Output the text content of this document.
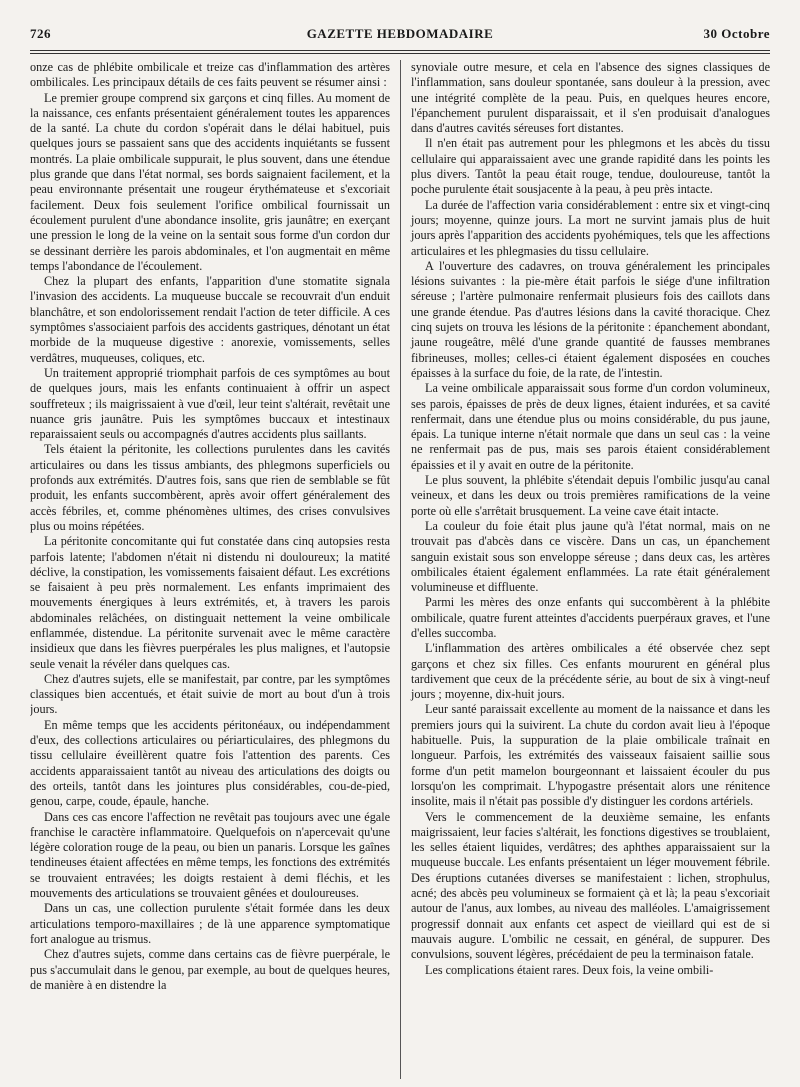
726	GAZETTE HEBDOMADAIRE	30 Octobre

onze cas de phlébite ombilicale et treize cas d'inflammation des artères ombilicales. Les principaux détails de ces faits peuvent se résumer ainsi :

Le premier groupe comprend six garçons et cinq filles. Au moment de la naissance, ces enfants présentaient généralement toutes les apparences de la santé. La chute du cordon s'opérait dans le délai habituel, puis quelques jours se passaient sans que des accidents inquiétants se fussent montrés. La plaie ombilicale suppurait, le plus souvent, dans une étendue plus grande que dans l'état normal, ses bords saignaient facilement, et la peau environnante présentait une rougeur érythémateuse et s'excoriait facilement. Deux fois seulement l'orifice ombilical fournissait un écoulement purulent d'une abondance insolite, gris jaunâtre; en exerçant une pression le long de la veine on la sentait sous forme d'un cordon dur se dessinant derrière les parois abdominales, et l'on augmentait en même temps l'abondance de l'écoulement.

Chez la plupart des enfants, l'apparition d'une stomatite signala l'invasion des accidents. La muqueuse buccale se recouvrait d'un enduit blanchâtre, et son endolorissement rendait l'action de teter difficile. A ces symptômes s'associaient parfois des accidents gastriques, dénotant un état morbide de la muqueuse digestive : anorexie, vomissements, selles verdâtres, muqueuses, coliques, etc.

Un traitement approprié triomphait parfois de ces symptômes au bout de quelques jours, mais les enfants continuaient à offrir un aspect souffreteux ; ils maigrissaient à vue d'œil, leur teint s'altérait, revêtait une nuance gris jaunâtre. Puis les symptômes buccaux et intestinaux reparaissaient seuls ou accompagnés d'autres accidents plus saillants.

Tels étaient la péritonite, les collections purulentes dans les cavités articulaires ou dans les tissus ambiants, des phlegmons superficiels ou profonds aux extrémités. D'autres fois, sans que rien de semblable se fût produit, les enfants succombèrent, après avoir offert généralement des accès fébriles, et, comme phénomènes ultimes, des crises convulsives plus ou moins répétées.

La péritonite concomitante qui fut constatée dans cinq autopsies resta parfois latente; l'abdomen n'était ni distendu ni douloureux; la matité déclive, la constipation, les vomissements faisaient défaut. Les excrétions se faisaient à peu près normalement. Les enfants imprimaient des mouvements énergiques à leurs extrémités, et, à travers les parois abdominales relâchées, on distinguait nettement la veine ombilicale enflammée, distendue. La péritonite survenait avec le même caractère insidieux que dans les fièvres puerpérales les plus malignes, et l'autopsie seule venait la révéler dans quelques cas.

Chez d'autres sujets, elle se manifestait, par contre, par les symptômes classiques bien accentués, et était suivie de mort au bout d'un à trois jours.

En même temps que les accidents péritonéaux, ou indépendamment d'eux, des collections articulaires ou périarticulaires, des phlegmons du tissu cellulaire éveillèrent quatre fois l'attention des parents. Ces accidents apparaissaient tantôt au niveau des articulations des doigts ou des orteils, tantôt dans les jointures plus considérables, cou-de-pied, genou, carpe, coude, épaule, hanche.

Dans ces cas encore l'affection ne revêtait pas toujours avec une égale franchise le caractère inflammatoire. Quelquefois on n'apercevait qu'une légère coloration rouge de la peau, ou bien un panaris. Lorsque les gaînes tendineuses étaient affectées en même temps, les fonctions des extrémités se trouvaient entravées; les doigts restaient à demi fléchis, et les mouvements des articulations se trouvaient gênées et douloureuses.

Dans un cas, une collection purulente s'était formée dans les deux articulations temporo-maxillaires ; de là une apparence symptomatique fort analogue au trismus.

Chez d'autres sujets, comme dans certains cas de fièvre puerpérale, le pus s'accumulait dans le genou, par exemple, au bout de quelques heures, de manière à en distendre la

synoviale outre mesure, et cela en l'absence des signes classiques de l'inflammation, sans douleur spontanée, sans douleur à la pression, avec une intégrité complète de la peau. Puis, en quelques heures encore, l'épanchement purulent disparaissait, et il s'en produisait d'analogues dans d'autres cavités séreuses fort distantes.

Il n'en était pas autrement pour les phlegmons et les abcès du tissu cellulaire qui apparaissaient avec une grande rapidité dans les points les plus divers. Tantôt la peau était rouge, tendue, douloureuse, tantôt la poche purulente était sousjacente à la peau, à peu près intacte.

La durée de l'affection varia considérablement : entre six et vingt-cinq jours; moyenne, quinze jours. La mort ne survint jamais plus de huit jours après l'apparition des accidents pyohémiques, tels que les affections articulaires et les phlegmasies du tissu cellulaire.

A l'ouverture des cadavres, on trouva généralement les principales lésions suivantes : la pie-mère était parfois le siége d'une infiltration séreuse ; l'artère pulmonaire renfermait plusieurs fois des caillots dans une grande étendue. Pas d'autres lésions dans la cavité thoracique. Chez cinq sujets on trouva les lésions de la péritonite : épanchement abondant, jaune rougeâtre, mêlé d'une grande quantité de fausses membranes fibrineuses, molles; celles-ci étaient également disposées en couches épaisses à la surface du foie, de la rate, de l'intestin.

La veine ombilicale apparaissait sous forme d'un cordon volumineux, ses parois, épaisses de près de deux lignes, étaient indurées, et sa cavité renfermait, dans une étendue plus ou moins considérable, du pus jaune, épais. La tunique interne n'était normale que dans un seul cas : la veine ne renfermait pas de pus, mais ses parois étaient considérablement épaissies et il y avait en outre de la péritonite.

Le plus souvent, la phlébite s'étendait depuis l'ombilic jusqu'au canal veineux, et dans les deux ou trois premières ramifications de la veine porte où elle s'arrêtait brusquement. La veine cave était intacte.

La couleur du foie était plus jaune qu'à l'état normal, mais on ne trouvait pas d'abcès dans ce viscère. Dans un cas, un épanchement sanguin existait sous son enveloppe séreuse ; dans deux cas, les artères ombilicales étaient également enflammées. La rate était généralement volumineuse et diffluente.

Parmi les mères des onze enfants qui succombèrent à la phlébite ombilicale, quatre furent atteintes d'accidents puerpéraux graves, et l'une d'elles succomba.

L'inflammation des artères ombilicales a été observée chez sept garçons et chez six filles. Ces enfants moururent en général plus tardivement que ceux de la précédente série, au bout de six à vingt-neuf jours ; moyenne, dix-huit jours.

Leur santé paraissait excellente au moment de la naissance et dans les premiers jours qui la suivirent. La chute du cordon avait lieu à l'époque habituelle. Puis, la suppuration de la plaie ombilicale traînait en longueur. Parfois, les extrémités des vaisseaux faisaient saillie sous forme d'un petit mamelon bourgeonnant et laissaient écouler du pus lorsqu'on les comprimait. L'hypogastre présentait alors une rénitence insolite, mais il n'était pas possible d'y distinguer les cordons artériels.

Vers le commencement de la deuxième semaine, les enfants maigrissaient, leur facies s'altérait, les fonctions digestives se troublaient, les selles étaient liquides, verdâtres; des aphthes apparaissaient sur la muqueuse buccale. Les enfants présentaient un léger mouvement fébrile. Des éruptions cutanées diverses se manifestaient : lichen, strophulus, acné; des abcès peu volumineux se formaient çà et là; la peau s'excoriait autour de l'anus, aux lombes, au niveau des malléoles. L'amaigrissement progressif donnait aux enfants cet aspect de vieillard qui est de si mauvais augure. L'ombilic ne cessait, en général, de suppurer. Des convulsions, souvent légères, précédaient de peu la terminaison fatale.

Les complications étaient rares. Deux fois, la veine ombili-
